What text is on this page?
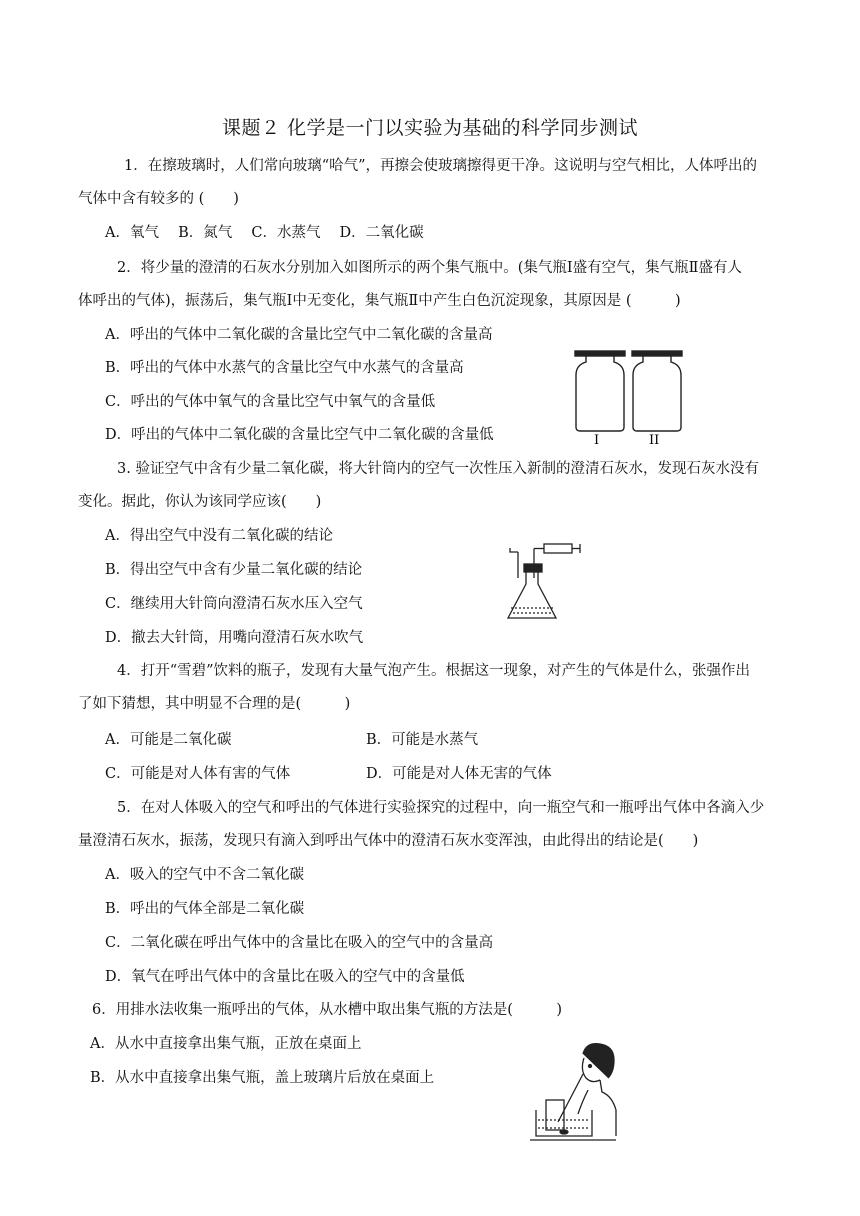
课题２ 化学是一门以实验为基础的科学同步测试
1．在擦玻璃时，人们常向玻璃“哈气”，再擦会使玻璃擦得更干净。这说明与空气相比，人体呼出的
气体中含有较多的 (　　)
A．氧气　 B．氮气　 C．水蒸气　 D．二氧化碳
2．将少量的澄清的石灰水分别加入如图所示的两个集气瓶中。(集气瓶Ⅰ盛有空气，集气瓶Ⅱ盛有人
体呼出的气体)，振荡后，集气瓶Ⅰ中无变化，集气瓶Ⅱ中产生白色沉淀现象，其原因是 (　　　)
A．呼出的气体中二氧化碳的含量比空气中二氧化碳的含量高
B．呼出的气体中水蒸气的含量比空气中水蒸气的含量高
C．呼出的气体中氧气的含量比空气中氧气的含量低
D．呼出的气体中二氧化碳的含量比空气中二氧化碳的含量低	I	II
3. 验证空气中含有少量二氧化碳，将大针筒内的空气一次性压入新制的澄清石灰水，发现石灰水没有
变化。据此，你认为该同学应该(　　)
A．得出空气中没有二氧化碳的结论
B．得出空气中含有少量二氧化碳的结论
C．继续用大针筒向澄清石灰水压入空气
D．撤去大针筒，用嘴向澄清石灰水吹气
4．打开“雪碧”饮料的瓶子，发现有大量气泡产生。根据这一现象，对产生的气体是什么，张强作出
了如下猜想，其中明显不合理的是(　　　)
A．可能是二氧化碳	B．可能是水蒸气
C．可能是对人体有害的气体	D．可能是对人体无害的气体
5．在对人体吸入的空气和呼出的气体进行实验探究的过程中，向一瓶空气和一瓶呼出气体中各滴入少
量澄清石灰水，振荡，发现只有滴入到呼出气体中的澄清石灰水变浑浊，由此得出的结论是(　　)
A．吸入的空气中不含二氧化碳
B．呼出的气体全部是二氧化碳
C．二氧化碳在呼出气体中的含量比在吸入的空气中的含量高
D．氧气在呼出气体中的含量比在吸入的空气中的含量低
6．用排水法收集一瓶呼出的气体，从水槽中取出集气瓶的方法是(　　　)
A．从水中直接拿出集气瓶，正放在桌面上
B．从水中直接拿出集气瓶，盖上玻璃片后放在桌面上
